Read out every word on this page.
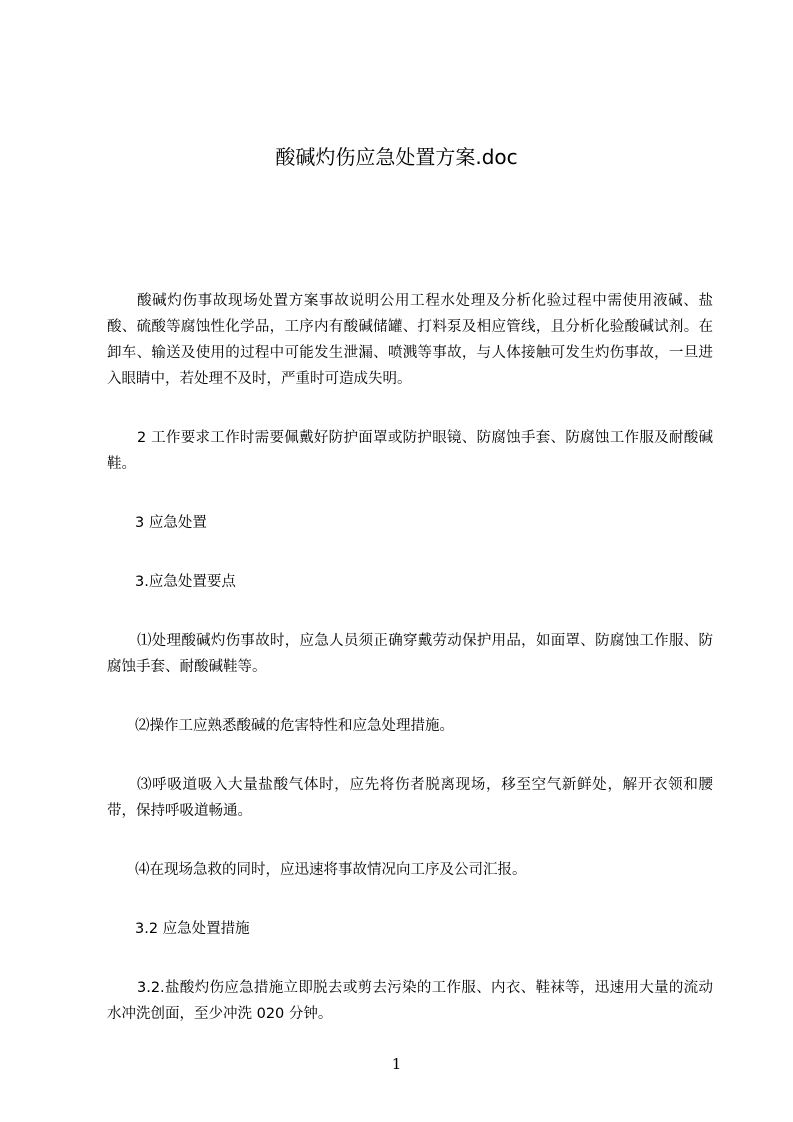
酸碱灼伤应急处置方案.doc

酸碱灼伤事故现场处置方案事故说明公用工程水处理及分析化验过程中需使用液碱、盐酸、硫酸等腐蚀性化学品，工序内有酸碱储罐、打料泵及相应管线，且分析化验酸碱试剂。在卸车、输送及使用的过程中可能发生泄漏、喷溅等事故，与人体接触可发生灼伤事故，一旦进入眼睛中，若处理不及时，严重时可造成失明。

2 工作要求工作时需要佩戴好防护面罩或防护眼镜、防腐蚀手套、防腐蚀工作服及耐酸碱鞋。

3 应急处置

3.应急处置要点

⑴处理酸碱灼伤事故时，应急人员须正确穿戴劳动保护用品，如面罩、防腐蚀工作服、防腐蚀手套、耐酸碱鞋等。

⑵操作工应熟悉酸碱的危害特性和应急处理措施。

⑶呼吸道吸入大量盐酸气体时，应先将伤者脱离现场，移至空气新鲜处，解开衣领和腰带，保持呼吸道畅通。

⑷在现场急救的同时，应迅速将事故情况向工序及公司汇报。

3.2 应急处置措施

3.2.盐酸灼伤应急措施立即脱去或剪去污染的工作服、内衣、鞋袜等，迅速用大量的流动水冲洗创面，至少冲洗 020 分钟。

1
